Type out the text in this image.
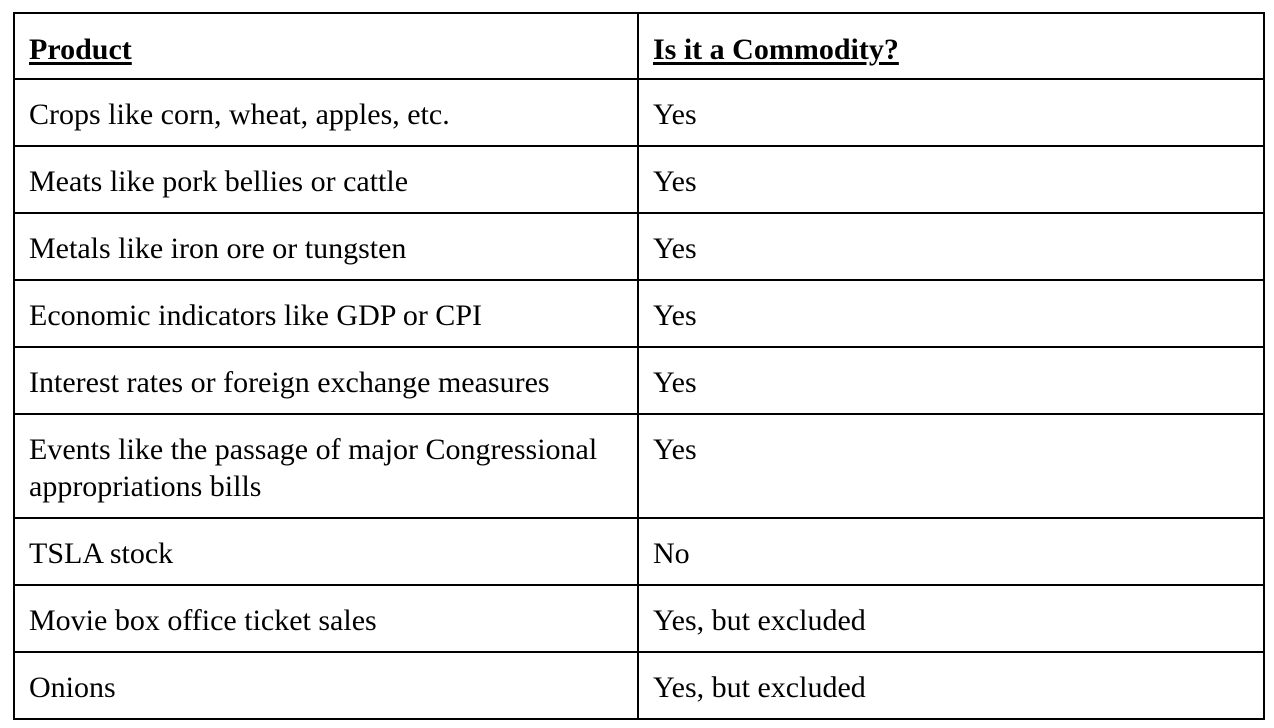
Product	Is it a Commodity?
Crops like corn, wheat, apples, etc.	Yes
Meats like pork bellies or cattle	Yes
Metals like iron ore or tungsten	Yes
Economic indicators like GDP or CPI	Yes
Interest rates or foreign exchange measures	Yes
Events like the passage of major Congressional appropriations bills	Yes
TSLA stock	No
Movie box office ticket sales	Yes, but excluded
Onions	Yes, but excluded
